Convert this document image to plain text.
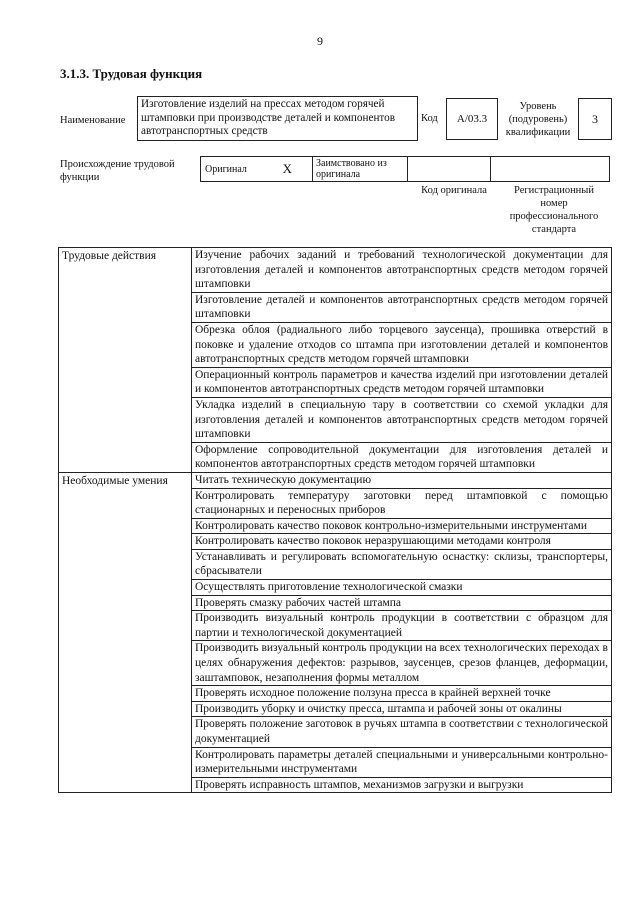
9
3.1.3. Трудовая функция
Наименование
Изготовление изделий на прессах методом горячей штамповки при производстве деталей и компонентов автотранспортных средств
Код	A/03.3
Уровень (подуровень) квалификации
3
Происхождение трудовой функции
Оригинал	X	Заимствовано из оригинала
Код оригинала	Регистрационный номер профессионального стандарта
Трудовые действия	Изучение рабочих заданий и требований технологической документации для изготовления деталей и компонентов автотранспортных средств методом горячей штамповки
	Изготовление деталей и компонентов автотранспортных средств методом горячей штамповки
	Обрезка облоя (радиального либо торцевого заусенца), прошивка отверстий в поковке и удаление отходов со штампа при изготовлении деталей и компонентов автотранспортных средств методом горячей штамповки
	Операционный контроль параметров и качества изделий при изготовлении деталей и компонентов автотранспортных средств методом горячей штамповки
	Укладка изделий в специальную тару в соответствии со схемой укладки для изготовления деталей и компонентов автотранспортных средств методом горячей штамповки
	Оформление сопроводительной документации для изготовления деталей и компонентов автотранспортных средств методом горячей штамповки
Необходимые умения	Читать техническую документацию
	Контролировать температуру заготовки перед штамповкой с помощью стационарных и переносных приборов
	Контролировать качество поковок контрольно-измерительными инструментами
	Контролировать качество поковок неразрушающими методами контроля
	Устанавливать и регулировать вспомогательную оснастку: склизы, транспортеры, сбрасыватели
	Осуществлять приготовление технологической смазки
	Проверять смазку рабочих частей штампа
	Производить визуальный контроль продукции в соответствии с образцом для партии и технологической документацией
	Производить визуальный контроль продукции на всех технологических переходах в целях обнаружения дефектов: разрывов, заусенцев, срезов фланцев, деформации, заштамповок, незаполнения формы металлом
	Проверять исходное положение ползуна пресса в крайней верхней точке
	Производить уборку и очистку пресса, штампа и рабочей зоны от окалины
	Проверять положение заготовок в ручьях штампа в соответствии с технологической документацией
	Контролировать параметры деталей специальными и универсальными контрольно-измерительными инструментами
	Проверять исправность штампов, механизмов загрузки и выгрузки
